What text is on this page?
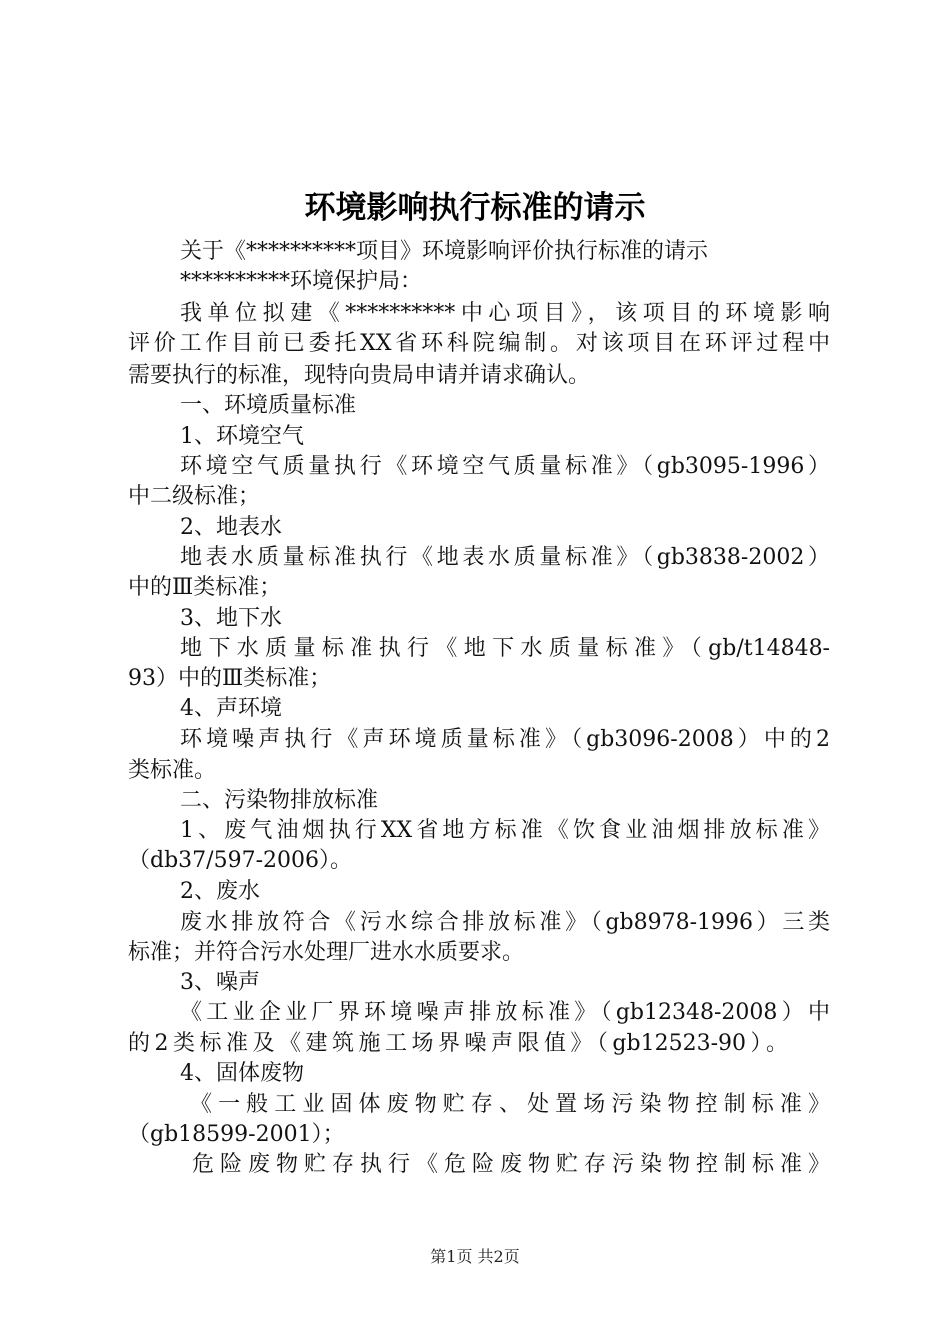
环境影响执行标准的请示
关于《**********项目》环境影响评价执行标准的请示
**********环境保护局：
我单位拟建《**********中心项目》，该项目的环境影响
评价工作目前已委托XX省环科院编制。对该项目在环评过程中
需要执行的标准，现特向贵局申请并请求确认。
一、环境质量标准
1、环境空气
环境空气质量执行《环境空气质量标准》（gb3095-1996）
中二级标准；
2、地表水
地表水质量标准执行《地表水质量标准》（gb3838-2002）
中的Ⅲ类标准；
3、地下水
地下水质量标准执行《地下水质量标准》（gb/t14848-
93）中的Ⅲ类标准；
4、声环境
环境噪声执行《声环境质量标准》（gb3096-2008）中的2
类标准。
二、污染物排放标准
1、废气油烟执行XX省地方标准《饮食业油烟排放标准》
（db37/597-2006）。
2、废水
废水排放符合《污水综合排放标准》（gb8978-1996）三类
标准；并符合污水处理厂进水水质要求。
3、噪声
《工业企业厂界环境噪声排放标准》（gb12348-2008）中
的2类标准及《建筑施工场界噪声限值》（gb12523-90）。
4、固体废物
《一般工业固体废物贮存、处置场污染物控制标准》
（gb18599-2001）；
危险废物贮存执行《危险废物贮存污染物控制标准》
第1页 共2页
